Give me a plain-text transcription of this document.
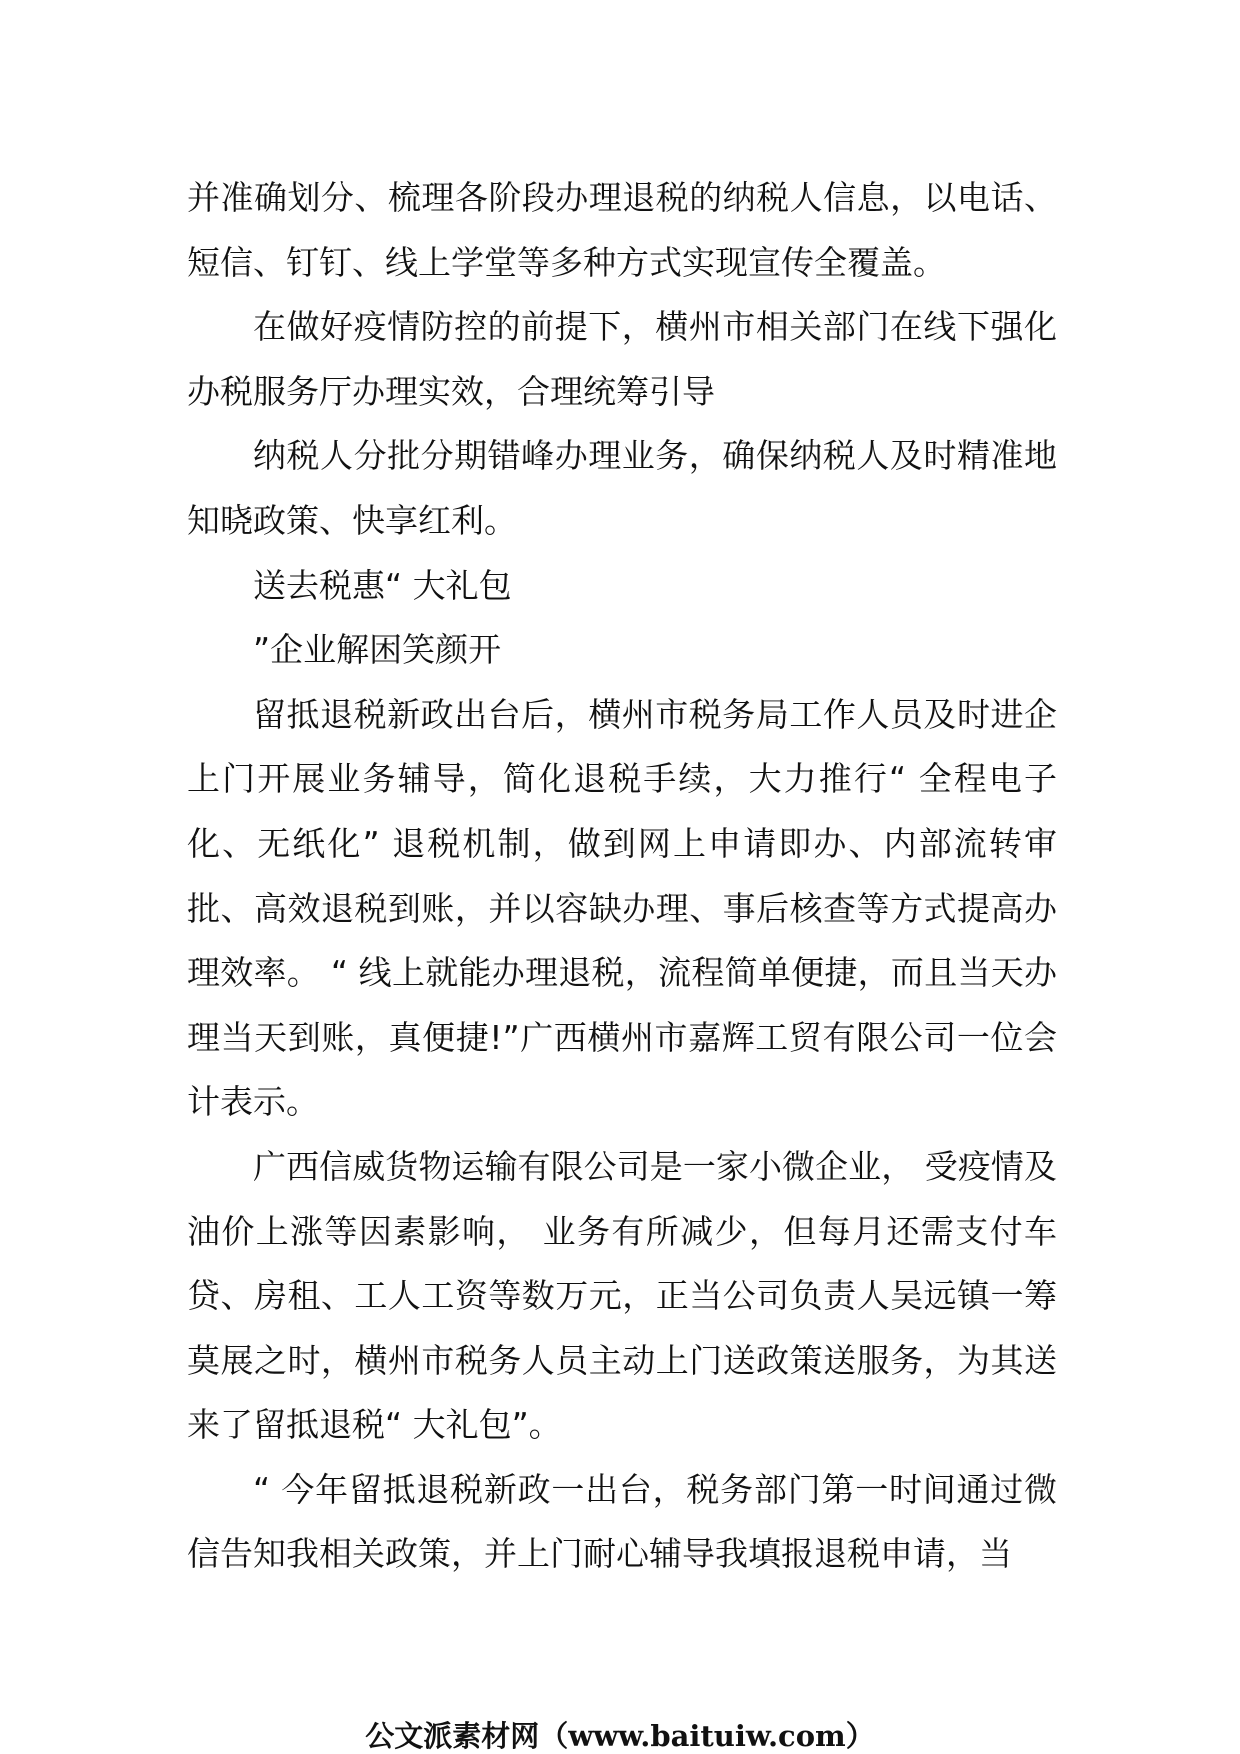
并准确划分、梳理各阶段办理退税的纳税人信息，以电话、短信、钉钉、线上学堂等多种方式实现宣传全覆盖。

在做好疫情防控的前提下，横州市相关部门在线下强化办税服务厅办理实效，合理统筹引导

纳税人分批分期错峰办理业务，确保纳税人及时精准地知晓政策、快享红利。

送去税惠“ 大礼包

”企业解困笑颜开

留抵退税新政出台后，横州市税务局工作人员及时进企上门开展业务辅导，简化退税手续，大力推行“ 全程电子化、无纸化” 退税机制，做到网上申请即办、内部流转审批、高效退税到账，并以容缺办理、事后核查等方式提高办理效率。 “ 线上就能办理退税，流程简单便捷，而且当天办理当天到账，真便捷!”广西横州市嘉辉工贸有限公司一位会计表示。

广西信威货物运输有限公司是一家小微企业， 受疫情及油价上涨等因素影响， 业务有所减少，但每月还需支付车贷、房租、工人工资等数万元，正当公司负责人吴远镇一筹莫展之时，横州市税务人员主动上门送政策送服务，为其送来了留抵退税“ 大礼包”。

“ 今年留抵退税新政一出台，税务部门第一时间通过微信告知我相关政策，并上门耐心辅导我填报退税申请，当

公文派素材网（www.baituiw.com）
